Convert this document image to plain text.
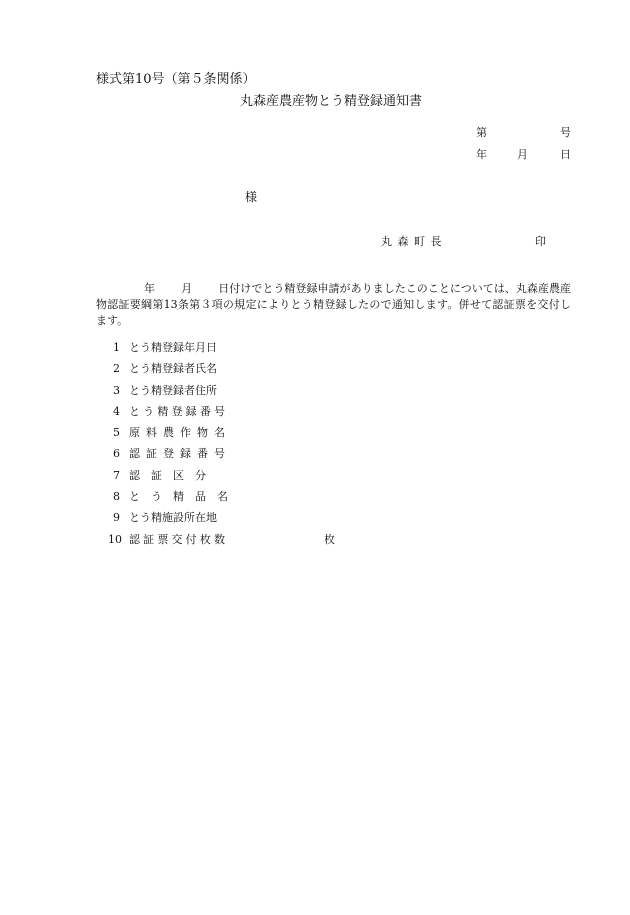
様式第10号（第５条関係）
丸森産農産物とう精登録通知書
第	号
年	月	日
様
丸 森 町 長	印
年 月 日付けでとう精登録申請がありましたこのことについては、丸森産農産物認証要綱第13条第３項の規定によりとう精登録したので通知します。併せて認証票を交付します。
1 とう精登録年月日
2 とう精登録者氏名
3 とう精登録者住所
4 とう精登録番号
5 原料農作物名
6 認証登録番号
7 認　証　区　分
8 と　う　精　品　名
9 とう精施設所在地
10 認証票交付枚数	枚
